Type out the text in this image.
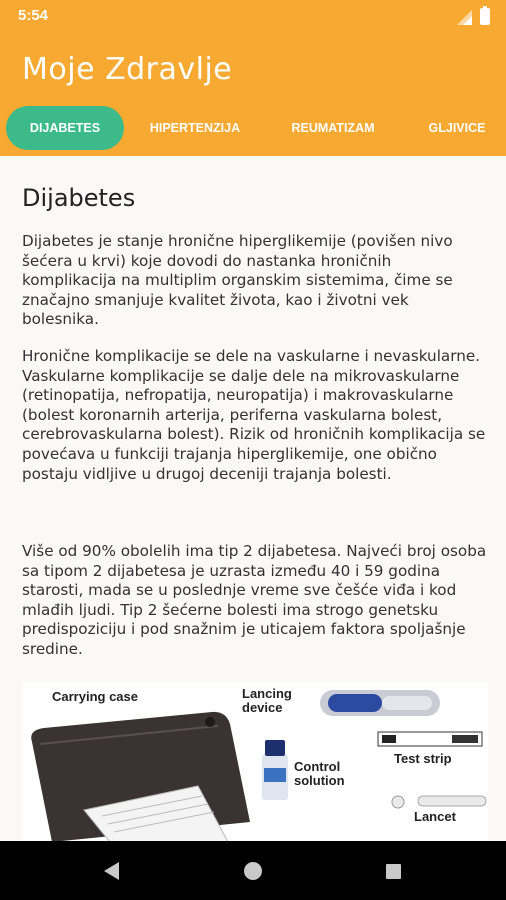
5:54
Moje Zdravlje
DIJABETES	HIPERTENZIJA	REUMATIZAM	GLJIVICE
Dijabetes

Dijabetes je stanje hronične hiperglikemije (povišen nivo šećera u krvi) koje dovodi do nastanka hroničnih komplikacija na multiplim organskim sistemima, čime se značajno smanjuje kvalitet života, kao i životni vek bolesnika.

Hronične komplikacije se dele na vaskularne i nevaskularne. Vaskularne komplikacije se dalje dele na mikrovaskularne (retinopatija, nefropatija, neuropatija) i makrovaskularne (bolest koronarnih arterija, periferna vaskularna bolest, cerebrovaskularna bolest). Rizik od hroničnih komplikacija se povećava u funkciji trajanja hiperglikemije, one obično postaju vidljive u drugoj deceniji trajanja bolesti.

Više od 90% obolelih ima tip 2 dijabetesa. Najveći broj osoba sa tipom 2 dijabetesa je uzrasta između 40 i 59 godina starosti, mada se u poslednje vreme sve češće viđa i kod mlađih ljudi. Tip 2 šećerne bolesti ima strogo genetsku predispoziciju i pod snažnim je uticajem faktora spoljašnje sredine.

Carrying case	Lancing device
Test strip
Control solution
Lancet
